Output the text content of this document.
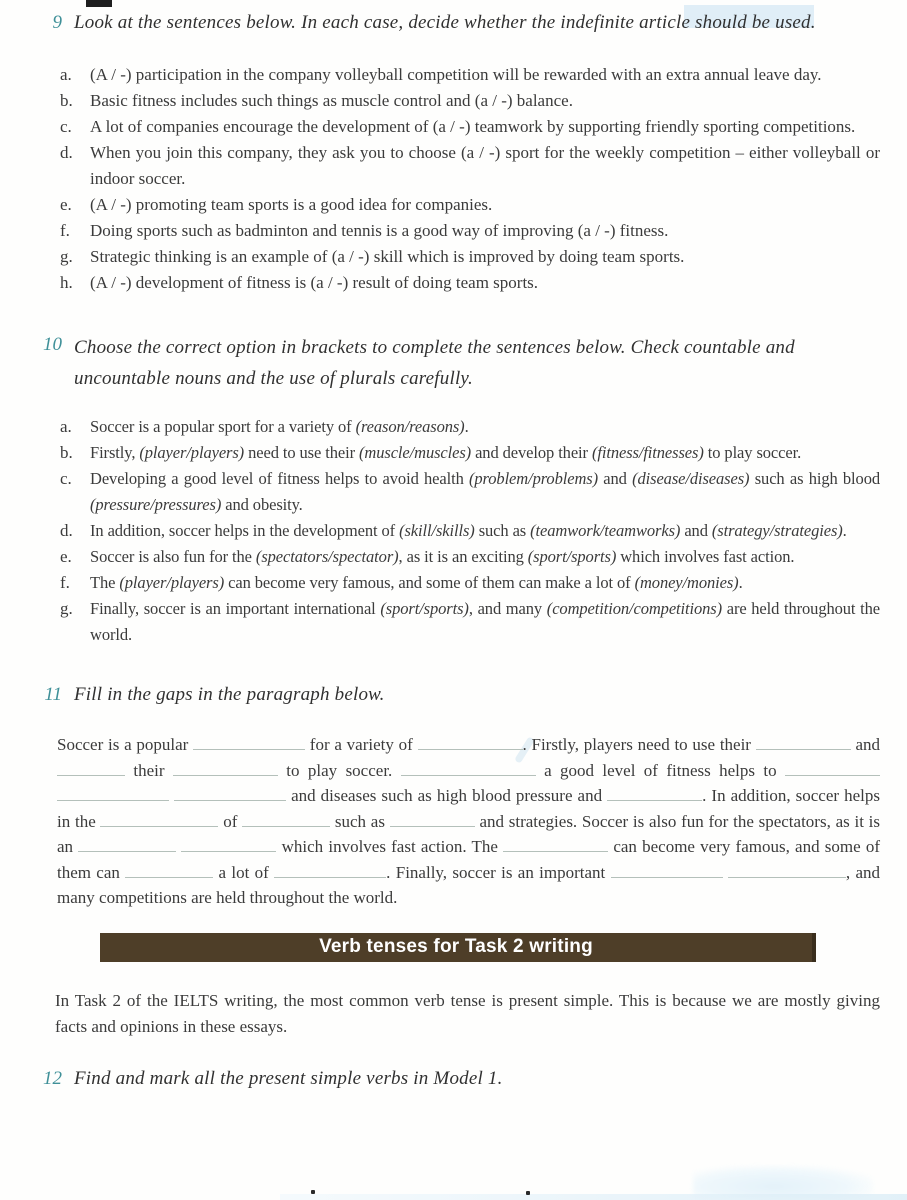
9 Look at the sentences below. In each case, decide whether the indefinite article should be used.
a.	(A / -) participation in the company volleyball competition will be rewarded with an extra annual leave day.
b.	Basic fitness includes such things as muscle control and (a / -) balance.
c.	A lot of companies encourage the development of (a / -) teamwork by supporting friendly sporting competitions.
d.	When you join this company, they ask you to choose (a / -) sport for the weekly competition – either volleyball or indoor soccer.
e.	(A / -) promoting team sports is a good idea for companies.
f.	Doing sports such as badminton and tennis is a good way of improving (a / -) fitness.
g.	Strategic thinking is an example of (a / -) skill which is improved by doing team sports.
h.	(A / -) development of fitness is (a / -) result of doing team sports.
10 Choose the correct option in brackets to complete the sentences below. Check countable and uncountable nouns and the use of plurals carefully.
a.	Soccer is a popular sport for a variety of (reason/reasons).
b.	Firstly, (player/players) need to use their (muscle/muscles) and develop their (fitness/fitnesses) to play soccer.
c.	Developing a good level of fitness helps to avoid health (problem/problems) and (disease/diseases) such as high blood (pressure/pressures) and obesity.
d.	In addition, soccer helps in the development of (skill/skills) such as (teamwork/teamworks) and (strategy/strategies).
e.	Soccer is also fun for the (spectators/spectator), as it is an exciting (sport/sports) which involves fast action.
f.	The (player/players) can become very famous, and some of them can make a lot of (money/monies).
g.	Finally, soccer is an important international (sport/sports), and many (competition/competitions) are held throughout the world.
11 Fill in the gaps in the paragraph below.
Soccer is a popular	for a variety of	. Firstly, players need to use their	and  their	to play soccer.	a good level of fitness helps to    and diseases such as high blood pressure and	. In addition, soccer helps in the	of	such as	and strategies. Soccer is also fun for the spectators, as it is an	which involves fast action. The	can become very famous, and some of them can	a lot of	. Finally, soccer is an important	, and many competitions are held throughout the world.
Verb tenses for Task 2 writing

In Task 2 of the IELTS writing, the most common verb tense is present simple. This is because we are mostly giving facts and opinions in these essays.

12 Find and mark all the present simple verbs in Model 1.
